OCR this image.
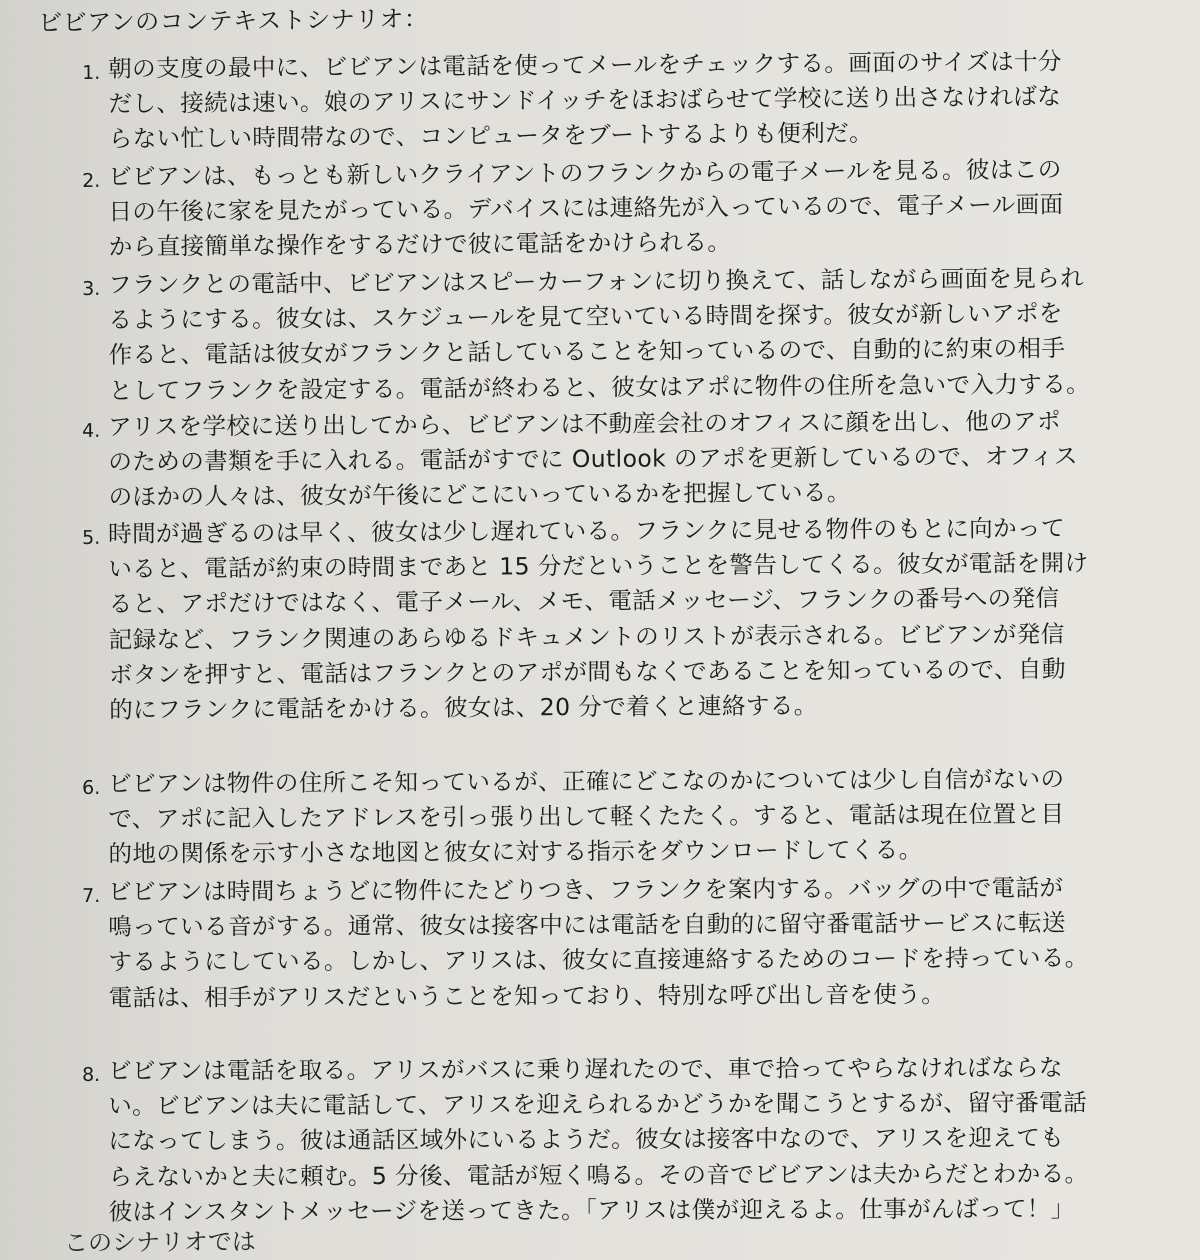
ビビアンのコンテキストシナリオ：
1. 朝の支度の最中に、ビビアンは電話を使ってメールをチェックする。画面のサイズは十分
だし、接続は速い。娘のアリスにサンドイッチをほおばらせて学校に送り出さなければな
らない忙しい時間帯なので、コンピュータをブートするよりも便利だ。
2. ビビアンは、もっとも新しいクライアントのフランクからの電子メールを見る。彼はこの
日の午後に家を見たがっている。デバイスには連絡先が入っているので、電子メール画面
から直接簡単な操作をするだけで彼に電話をかけられる。
3. フランクとの電話中、ビビアンはスピーカーフォンに切り換えて、話しながら画面を見られ
るようにする。彼女は、スケジュールを見て空いている時間を探す。彼女が新しいアポを
作ると、電話は彼女がフランクと話していることを知っているので、自動的に約束の相手
としてフランクを設定する。電話が終わると、彼女はアポに物件の住所を急いで入力する。
4. アリスを学校に送り出してから、ビビアンは不動産会社のオフィスに顔を出し、他のアポ
のための書類を手に入れる。電話がすでに Outlook のアポを更新しているので、オフィス
のほかの人々は、彼女が午後にどこにいっているかを把握している。
5. 時間が過ぎるのは早く、彼女は少し遅れている。フランクに見せる物件のもとに向かって
いると、電話が約束の時間まであと 15 分だということを警告してくる。彼女が電話を開け
ると、アポだけではなく、電子メール、メモ、電話メッセージ、フランクの番号への発信
記録など、フランク関連のあらゆるドキュメントのリストが表示される。ビビアンが発信
ボタンを押すと、電話はフランクとのアポが間もなくであることを知っているので、自動
的にフランクに電話をかける。彼女は、20 分で着くと連絡する。
6. ビビアンは物件の住所こそ知っているが、正確にどこなのかについては少し自信がないの
で、アポに記入したアドレスを引っ張り出して軽くたたく。すると、電話は現在位置と目
的地の関係を示す小さな地図と彼女に対する指示をダウンロードしてくる。
7. ビビアンは時間ちょうどに物件にたどりつき、フランクを案内する。バッグの中で電話が
鳴っている音がする。通常、彼女は接客中には電話を自動的に留守番電話サービスに転送
するようにしている。しかし、アリスは、彼女に直接連絡するためのコードを持っている。
電話は、相手がアリスだということを知っており、特別な呼び出し音を使う。
8. ビビアンは電話を取る。アリスがバスに乗り遅れたので、車で拾ってやらなければならな
い。ビビアンは夫に電話して、アリスを迎えられるかどうかを聞こうとするが、留守番電話
になってしまう。彼は通話区域外にいるようだ。彼女は接客中なので、アリスを迎えても
らえないかと夫に頼む。5 分後、電話が短く鳴る。その音でビビアンは夫からだとわかる。
彼はインスタントメッセージを送ってきた。「アリスは僕が迎えるよ。仕事がんばって！」
このシナリオでは
